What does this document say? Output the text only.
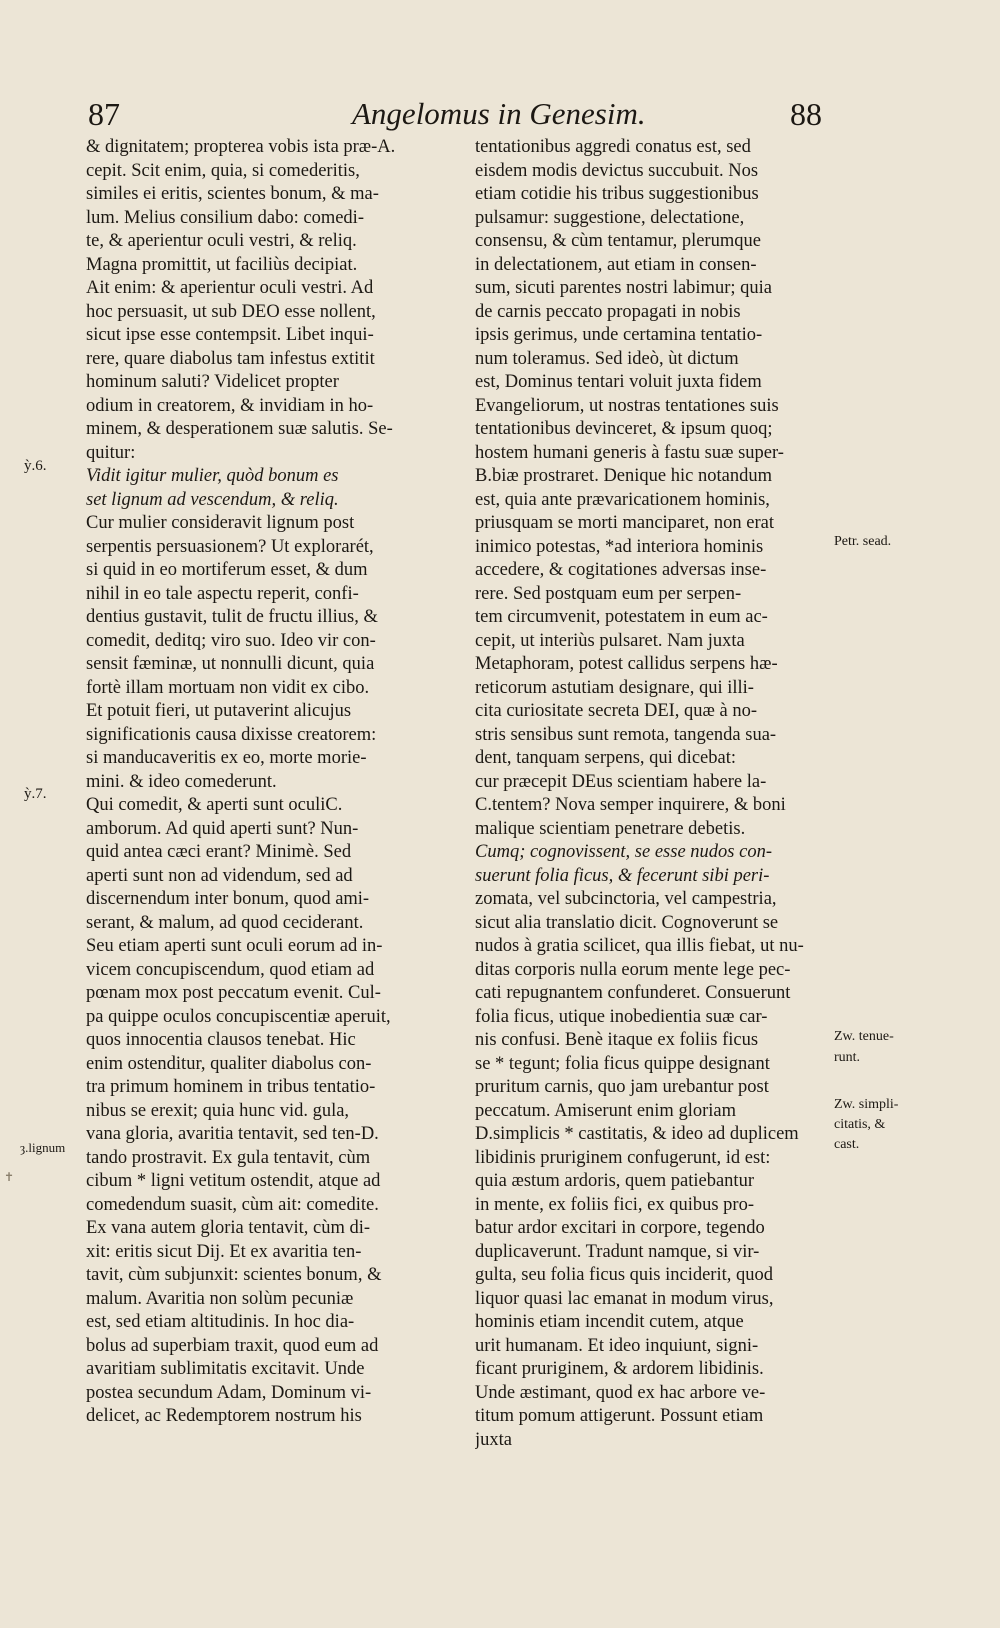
87	Angelomus in Genesim.	88
& dignitatem; propterea vobis ista præ-A.
cepit. Scit enim, quia, si comederitis,
similes ei eritis, scientes bonum, & ma-
lum. Melius consilium dabo: comedi-
te, & aperientur oculi vestri, & reliq.
Magna promittit, ut faciliùs decipiat.
Ait enim: & aperientur oculi vestri. Ad
hoc persuasit, ut sub DEO esse nollent,
sicut ipse esse contempsit. Libet inqui-
rere, quare diabolus tam infestus extitit
hominum saluti? Videlicet propter
odium in creatorem, & invidiam in ho-
minem, & desperationem suæ salutis. Se-
quitur:
Vidit igitur mulier, quòd bonum es
set lignum ad vescendum, & reliq.
Cur mulier consideravit lignum post
serpentis persuasionem? Ut explorarét,
si quid in eo mortiferum esset, & dum
nihil in eo tale aspectu reperit, confi-
dentius gustavit, tulit de fructu illius, &
comedit, deditq; viro suo. Ideo vir con-
sensit fæminæ, ut nonnulli dicunt, quia
fortè illam mortuam non vidit ex cibo.
Et potuit fieri, ut putaverint alicujus
significationis causa dixisse creatorem:
si manducaveritis ex eo, morte morie-
mini. & ideo comederunt.
Qui comedit, & aperti sunt oculiC.
amborum. Ad quid aperti sunt? Nun-
quid antea cæci erant? Minimè. Sed
aperti sunt non ad videndum, sed ad
discernendum inter bonum, quod ami-
serant, & malum, ad quod ceciderant.
Seu etiam aperti sunt oculi eorum ad in-
vicem concupiscendum, quod etiam ad
pœnam mox post peccatum evenit. Cul-
pa quippe oculos concupiscentiæ aperuit,
quos innocentia clausos tenebat. Hic
enim ostenditur, qualiter diabolus con-
tra primum hominem in tribus tentatio-
nibus se erexit; quia hunc vid. gula,
vana gloria, avaritia tentavit, sed ten-D.
tando prostravit. Ex gula tentavit, cùm
cibum * ligni vetitum ostendit, atque ad
comedendum suasit, cùm ait: comedite.
Ex vana autem gloria tentavit, cùm di-
xit: eritis sicut Dij. Et ex avaritia ten-
tavit, cùm subjunxit: scientes bonum, &
malum. Avaritia non solùm pecuniæ
est, sed etiam altitudinis. In hoc dia-
bolus ad superbiam traxit, quod eum ad
avaritiam sublimitatis excitavit. Unde
postea secundum Adam, Dominum vi-
delicet, ac Redemptorem nostrum his
tentationibus aggredi conatus est, sed
eisdem modis devictus succubuit. Nos
etiam cotidie his tribus suggestionibus
pulsamur: suggestione, delectatione,
consensu, & cùm tentamur, plerumque
in delectationem, aut etiam in consen-
sum, sicuti parentes nostri labimur; quia
de carnis peccato propagati in nobis
ipsis gerimus, unde certamina tentatio-
num toleramus. Sed ideò, ùt dictum
est, Dominus tentari voluit juxta fidem
Evangeliorum, ut nostras tentationes suis
tentationibus devinceret, & ipsum quoq;
hostem humani generis à fastu suæ super-
B.biæ prostraret. Denique hic notandum
est, quia ante prævaricationem hominis,
priusquam se morti manciparet, non erat
inimico potestas, *ad interiora hominis
accedere, & cogitationes adversas inse-
rere. Sed postquam eum per serpen-
tem circumvenit, potestatem in eum ac-
cepit, ut interiùs pulsaret. Nam juxta
Metaphoram, potest callidus serpens hæ-
reticorum astutiam designare, qui illi-
cita curiositate secreta DEI, quæ à no-
stris sensibus sunt remota, tangenda sua-
dent, tanquam serpens, qui dicebat:
cur præcepit DEus scientiam habere la-
C.tentem? Nova semper inquirere, & boni
malique scientiam penetrare debetis.
Cumq; cognovissent, se esse nudos con-
suerunt folia ficus, & fecerunt sibi peri-
zomata, vel subcinctoria, vel campestria,
sicut alia translatio dicit. Cognoverunt se
nudos à gratia scilicet, qua illis fiebat, ut nu-
ditas corporis nulla eorum mente lege pec-
cati repugnantem confunderet. Consuerunt
folia ficus, utique inobedientia suæ car-
nis confusi. Benè itaque ex foliis ficus
se * tegunt; folia ficus quippe designant
pruritum carnis, quo jam urebantur post
peccatum. Amiserunt enim gloriam
D.simplicis * castitatis, & ideo ad duplicem
libidinis pruriginem confugerunt, id est:
quia æstum ardoris, quem patiebantur
in mente, ex foliis fici, ex quibus pro-
batur ardor excitari in corpore, tegendo
duplicaverunt. Tradunt namque, si vir-
gulta, seu folia ficus quis inciderit, quod
liquor quasi lac emanat in modum virus,
hominis etiam incendit cutem, atque
urit humanam. Et ideo inquiunt, signi-
ficant pruriginem, & ardorem libidinis.
Unde æstimant, quod ex hac arbore ve-
titum pomum attigerunt. Possunt etiam
juxta
ỳ.6.
ỳ.7.
ȝ.lignum
✝
Petr. sead.
Zw. tenue-
runt.
Zw. simpli-
citatis, &
cast.
